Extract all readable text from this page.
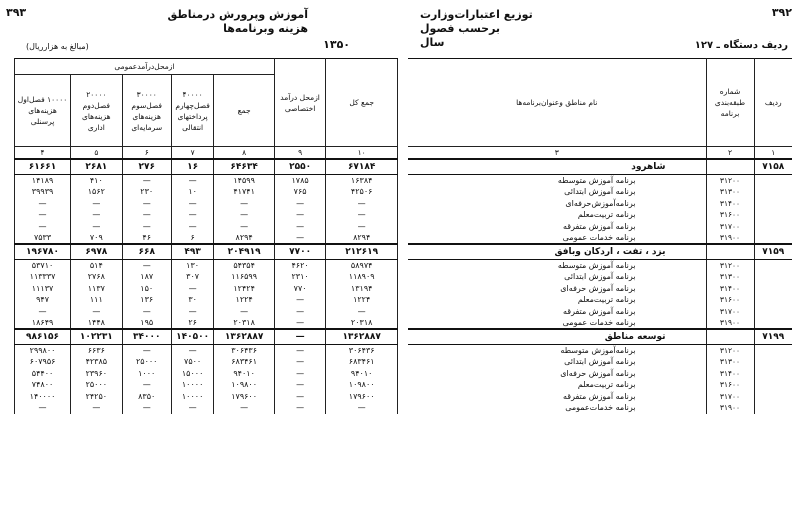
۳۹۳	آموزش وپرورش درمناطق
هزینه وبرنامه‌ها
۱۳۵۰
(مبالغ به هزارریال)
جمع کل	ازمحل درآمد اختصاصی	ازمحل‌درآمدعمومی				
		جمع	۴۰۰۰۰ فصل‌چهارم پرداختهای انتقالی	۳۰۰۰۰ فصل‌سوم هزینه‌های سرمایه‌ای	۲۰۰۰۰ فصل‌دوم هزینه‌های اداری	۱۰۰۰۰ فصل‌اول هزینه‌های پرسنلی
۱۰	۹	۸	۷	۶	۵	۴
۶۷۱۸۴	۲۵۵۰	۶۴۶۳۴	۱۶	۲۷۶	۲۶۸۱	۶۱۶۶۱
۱۶۳۸۴	۱۷۸۵	۱۴۵۹۹	—	—	۴۱۰	۱۴۱۸۹
۴۲۵۰۶	۷۶۵	۴۱۷۴۱	۱۰	۲۳۰	۱۵۶۲	۳۹۹۳۹
—	—	—	—	—	—	—
—	—	—	—	—	—	—
—	—	—	—	—	—	—
۸۲۹۴	—	۸۲۹۴	۶	۴۶	۷۰۹	۷۵۳۳
۲۱۲۶۱۹	۷۷۰۰	۲۰۴۹۱۹	۴۹۳	۶۶۸	۶۹۷۸	۱۹۶۷۸۰
۵۸۹۷۴	۴۶۲۰	۵۴۳۵۴	۱۳۰	—	۵۱۴	۵۳۷۱۰
۱۱۸۹۰۹	۲۳۱۰	۱۱۶۵۹۹	۳۰۷	۱۸۷	۲۷۶۸	۱۱۳۳۳۷
۱۳۱۹۴	۷۷۰	۱۲۴۲۴	—	۱۵۰	۱۱۳۷	۱۱۱۳۷
۱۲۲۴	—	۱۲۲۴	۳۰	۱۳۶	۱۱۱	۹۴۷
—	—	—	—	—	—	—
۲۰۳۱۸	—	۲۰۳۱۸	۲۶	۱۹۵	۱۴۴۸	۱۸۶۴۹
۱۳۶۲۸۸۷	—	۱۳۶۲۸۸۷	۱۴۰۵۰۰	۳۴۰۰۰	۱۰۲۲۳۱	۹۸۶۱۵۶
۳۰۶۴۳۶	—	۳۰۶۴۳۶	—	—	۶۶۳۶	۲۹۹۸۰۰
۶۸۳۴۶۱	—	۶۸۳۴۶۱	۷۵۰۰	۲۵۰۰۰	۴۲۳۸۵	۶۰۷۹۵۶
۹۴۰۱۰	—	۹۴۰۱۰	۱۵۰۰۰	۱۰۰۰	۲۳۹۶۰	۵۴۴۰۰
۱۰۹۸۰۰	—	۱۰۹۸۰۰	۱۰۰۰۰	—	۲۵۰۰۰	۷۴۸۰۰
۱۷۹۶۰۰	—	۱۷۹۶۰۰	۱۰۰۰۰	۸۳۵۰	۲۴۲۵۰	۱۴۰۰۰۰
—	—	—	—	—	—	—
۳۹۲
توزیع اعتبارات‌وزارت
برحسب فصول
سال	ردیف دستگاه ـ ۱۲۷
ردیف	شماره طبقه‌بندی برنامه	نام مناطق وعنوان‌برنامه‌ها
۱	۲	۳
۷۱۵۸		شاهرود
	۳۱۲۰۰	برنامه آموزش متوسطه
	۳۱۳۰۰	برنامه آموزش ابتدائی
	۳۱۴۰۰	برنامه‌آموزش‌حرفه‌ای
	۳۱۶۰۰	برنامه تربیت‌معلم
	۳۱۷۰۰	برنامه آموزش متفرقه
	۳۱۹۰۰	برنامه خدمات عمومی
۷۱۵۹		یزد ، تفت ، اردکان وبافق
	۳۱۲۰۰	برنامه آموزش متوسطه
	۳۱۳۰۰	برنامه آموزش ابتدائی
	۳۱۴۰۰	برنامه آموزش حرفه‌ای
	۳۱۶۰۰	برنامه تربیت‌معلم
	۳۱۷۰۰	برنامه آموزش متفرقه
	۳۱۹۰۰	برنامه خدمات عمومی
۷۱۹۹		توسعه مناطق
	۳۱۲۰۰	برنامه‌آموزش متوسطه
	۳۱۳۰۰	برنامه آموزش ابتدائی
	۳۱۴۰۰	برنامه آموزش حرفه‌ای
	۳۱۶۰۰	برنامه تربیت‌معلم
	۳۱۷۰۰	برنامه آموزش متفرقه
	۳۱۹۰۰	برنامه خدمات‌عمومی
